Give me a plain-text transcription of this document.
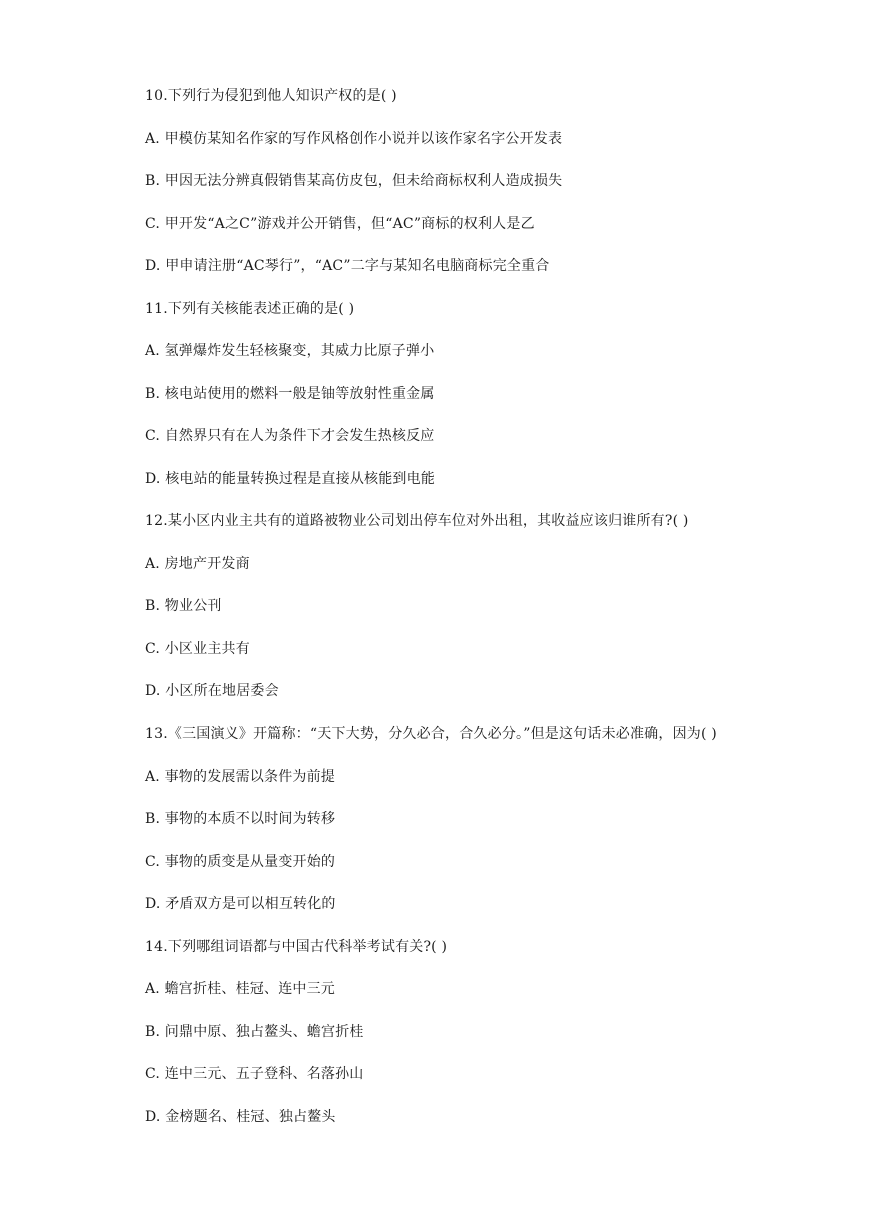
10.下列行为侵犯到他人知识产权的是( )
A. 甲模仿某知名作家的写作风格创作小说并以该作家名字公开发表
B. 甲因无法分辨真假销售某高仿皮包，但未给商标权利人造成损失
C. 甲开发“A之C”游戏并公开销售，但“AC”商标的权利人是乙
D. 甲申请注册“AC琴行”，“AC”二字与某知名电脑商标完全重合
11.下列有关核能表述正确的是( )
A. 氢弹爆炸发生轻核聚变，其威力比原子弹小
B. 核电站使用的燃料一般是铀等放射性重金属
C. 自然界只有在人为条件下才会发生热核反应
D. 核电站的能量转换过程是直接从核能到电能
12.某小区内业主共有的道路被物业公司划出停车位对外出租，其收益应该归谁所有?( )
A. 房地产开发商
B. 物业公刊
C. 小区业主共有
D. 小区所在地居委会
13.《三国演义》开篇称：“天下大势，分久必合，合久必分。”但是这句话未必准确，因为( )
A. 事物的发展需以条件为前提
B. 事物的本质不以时间为转移
C. 事物的质变是从量变开始的
D. 矛盾双方是可以相互转化的
14.下列哪组词语都与中国古代科举考试有关?( )
A. 蟾宫折桂、桂冠、连中三元
B. 问鼎中原、独占鳌头、蟾宫折桂
C. 连中三元、五子登科、名落孙山
D. 金榜题名、桂冠、独占鳌头
